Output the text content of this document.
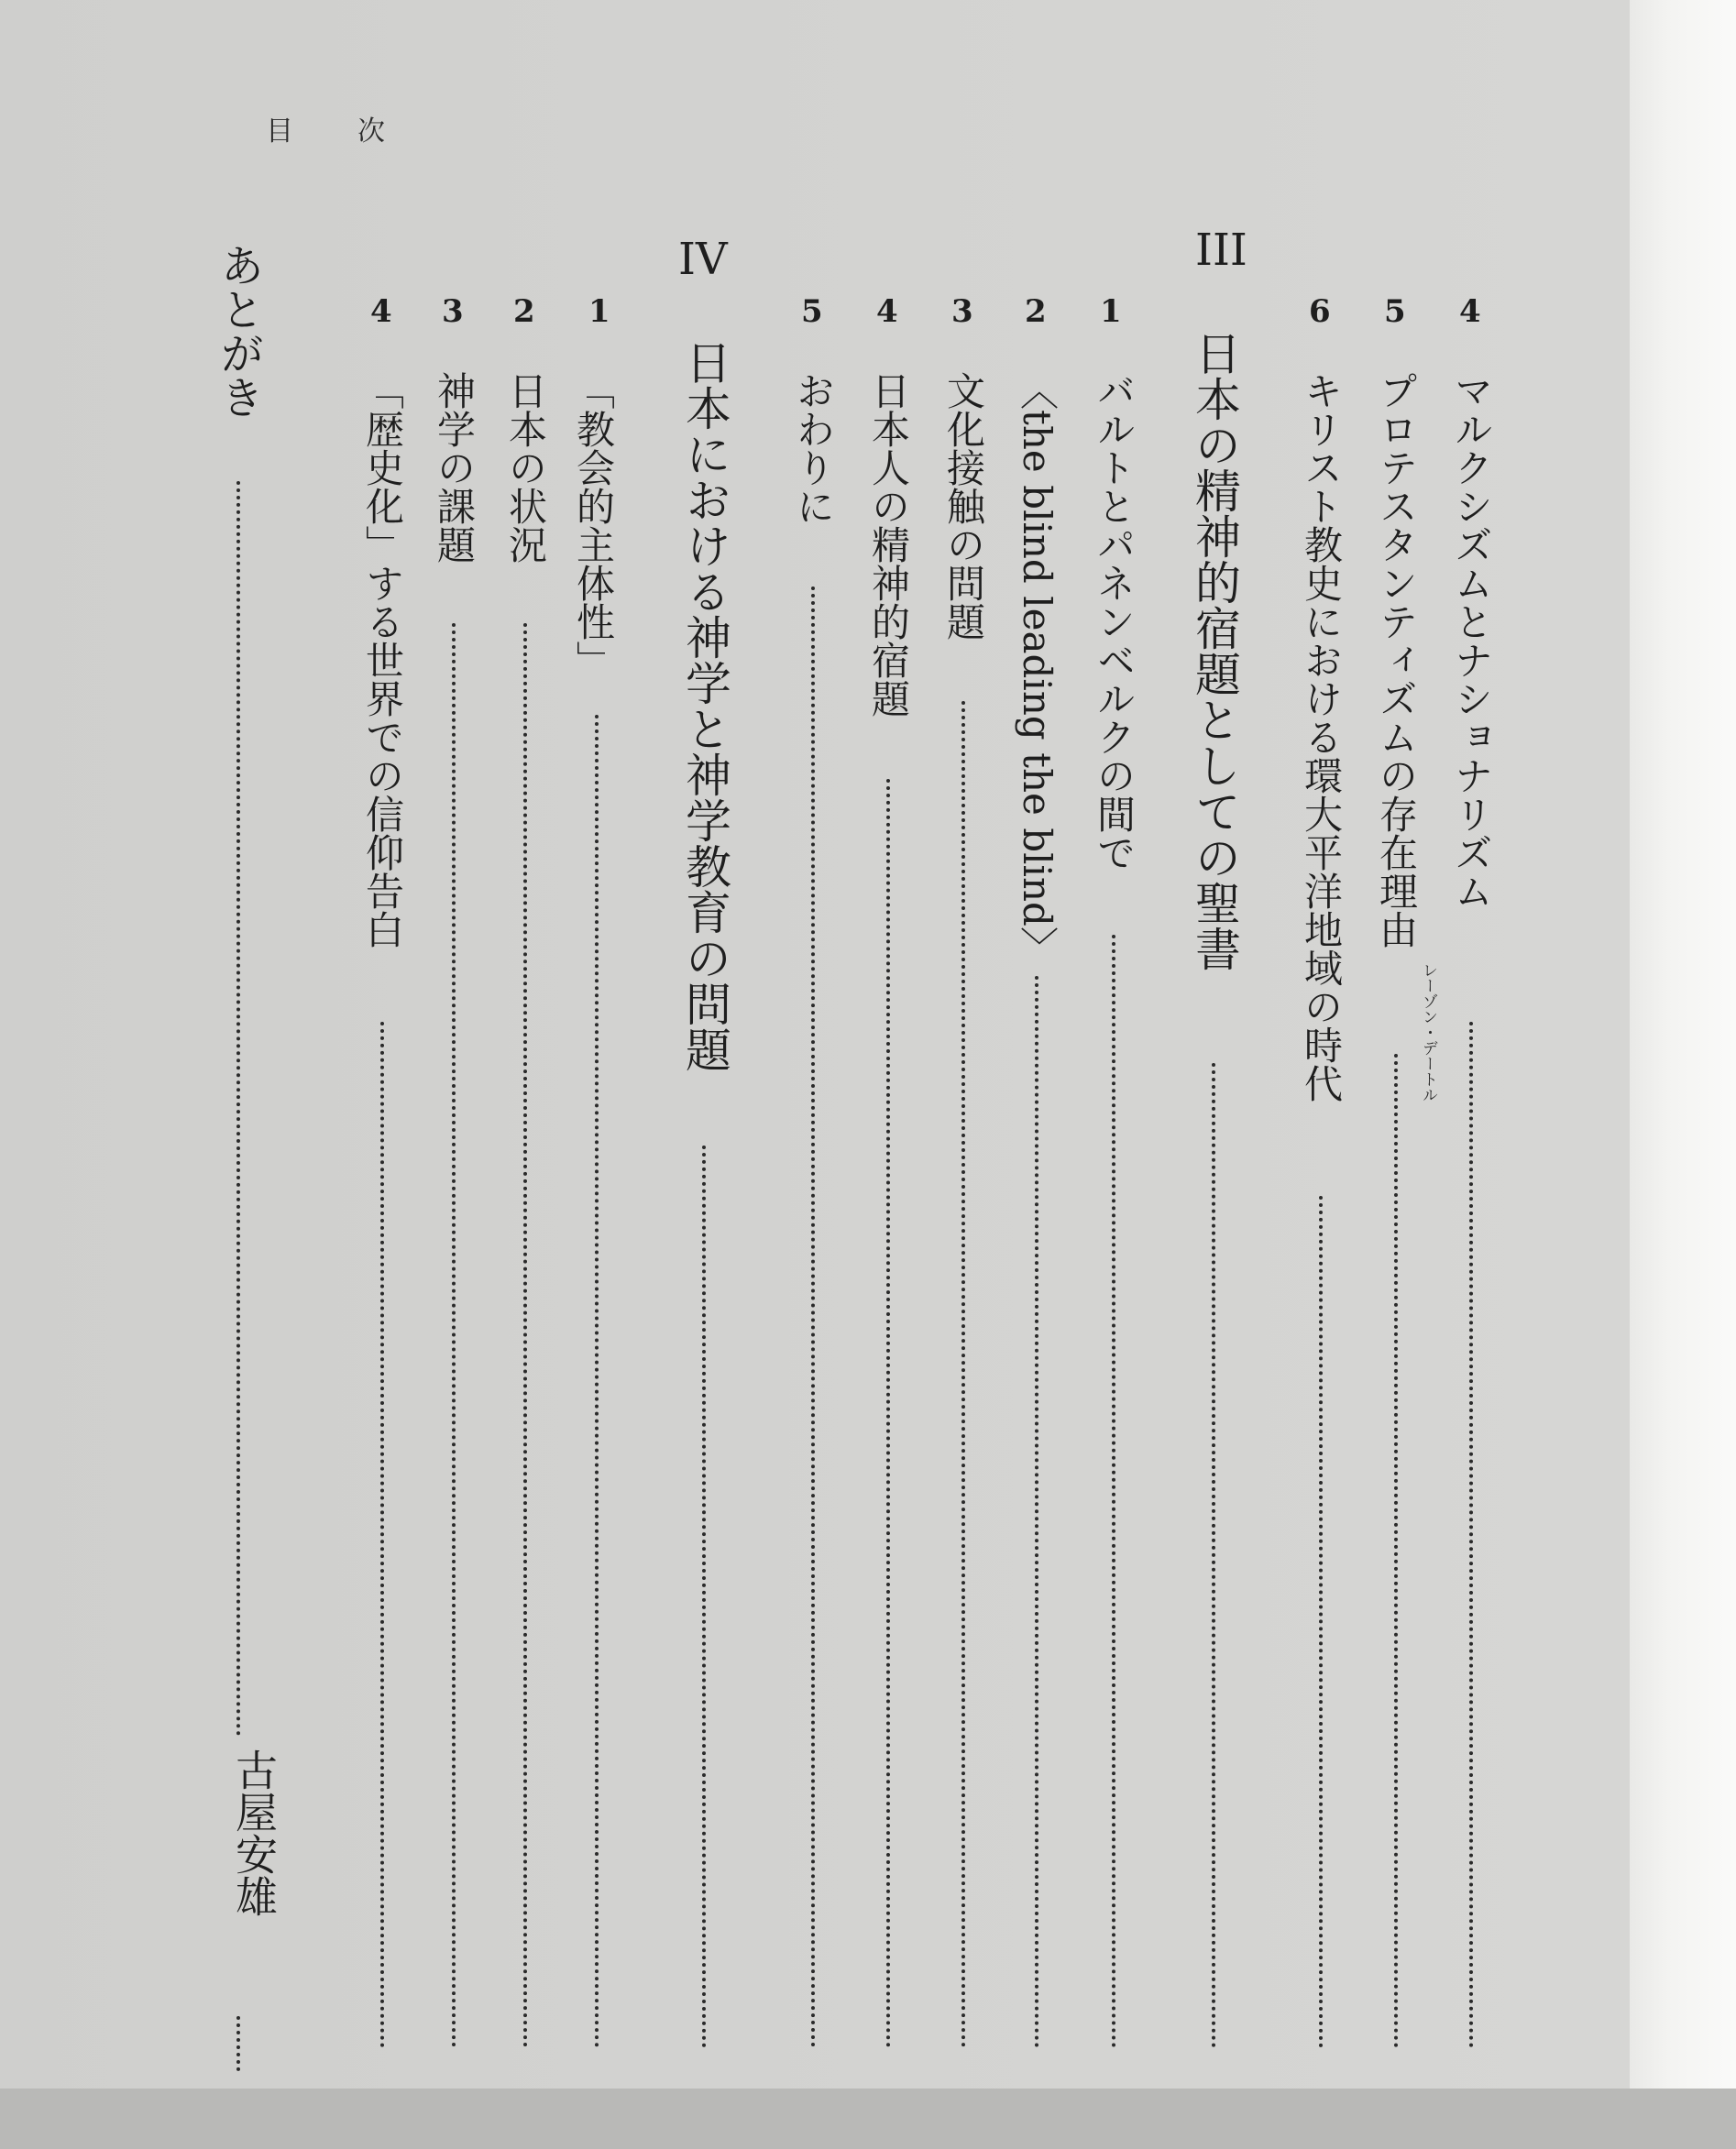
目次
4
マルクシズムとナショナリズム
5
プロテスタンティズムの存在理由
レーゾン・デートル
6
キリスト教史における環大平洋地域の時代
III
日本の精神的宿題としての聖書
1
バルトとパネンベルクの間で
2
〈the blind leading the blind〉
3
文化接触の問題
4
日本人の精神的宿題
5
おわりに
IV
日本における神学と神学教育の問題
1
「教会的主体性」
2
日本の状況
3
神学の課題
4
「歴史化」する世界での信仰告白
あとがき
古屋安雄
